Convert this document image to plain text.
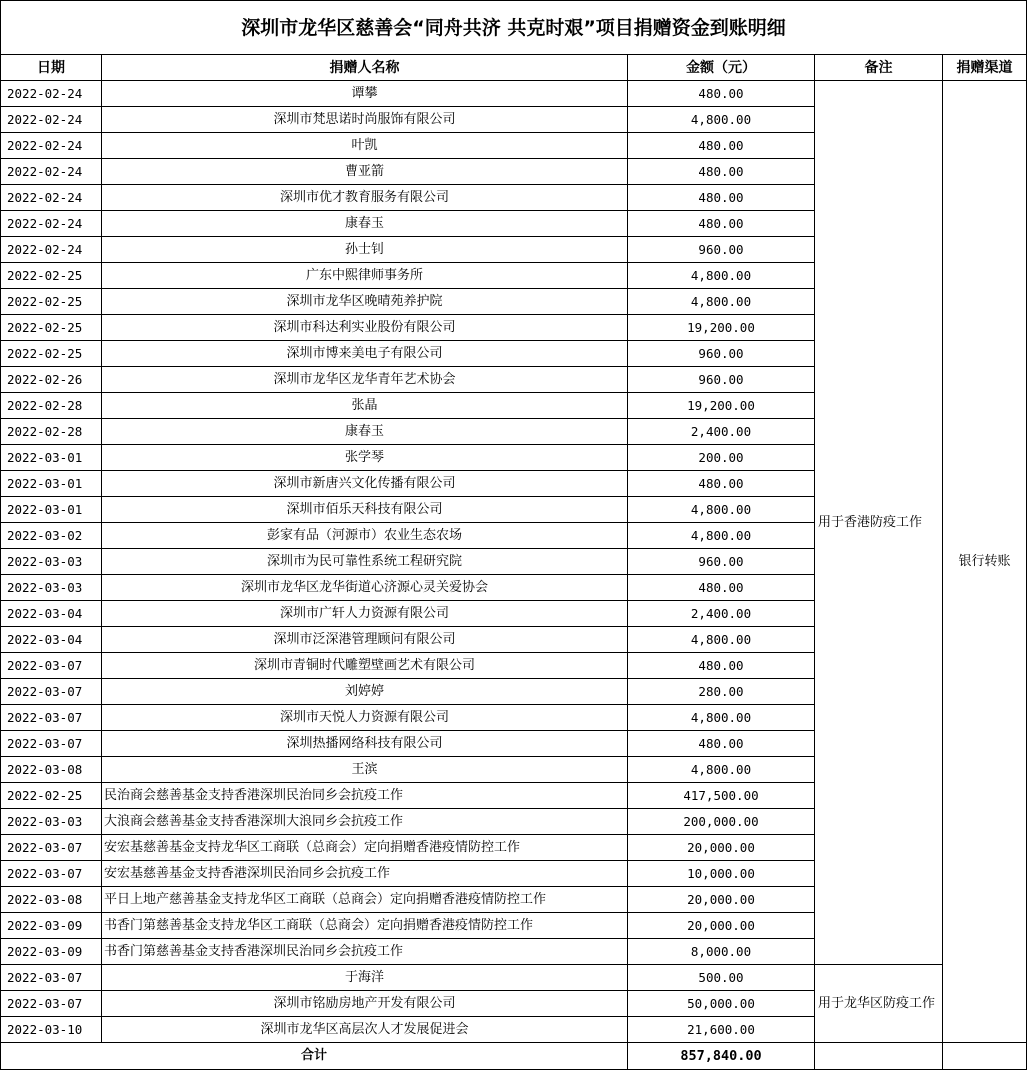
深圳市龙华区慈善会“同舟共济 共克时艰”项目捐赠资金到账明细				
日期	捐赠人名称	金额（元）	备注	捐赠渠道
2022-02-24	谭攀	480.00	用于香港防疫工作	银行转账
2022-02-24	深圳市梵思诺时尚服饰有限公司	4,800.00		
2022-02-24	叶凯	480.00		
2022-02-24	曹亚箭	480.00		
2022-02-24	深圳市优才教育服务有限公司	480.00		
2022-02-24	康春玉	480.00		
2022-02-24	孙士钊	960.00		
2022-02-25	广东中熙律师事务所	4,800.00		
2022-02-25	深圳市龙华区晚晴苑养护院	4,800.00		
2022-02-25	深圳市科达利实业股份有限公司	19,200.00		
2022-02-25	深圳市博来美电子有限公司	960.00		
2022-02-26	深圳市龙华区龙华青年艺术协会	960.00		
2022-02-28	张晶	19,200.00		
2022-02-28	康春玉	2,400.00		
2022-03-01	张学琴	200.00		
2022-03-01	深圳市新唐兴文化传播有限公司	480.00		
2022-03-01	深圳市佰乐天科技有限公司	4,800.00		
2022-03-02	彭家有品（河源市）农业生态农场	4,800.00		
2022-03-03	深圳市为民可靠性系统工程研究院	960.00		
2022-03-03	深圳市龙华区龙华街道心济源心灵关爱协会	480.00		
2022-03-04	深圳市广轩人力资源有限公司	2,400.00		
2022-03-04	深圳市泛深港管理顾问有限公司	4,800.00		
2022-03-07	深圳市青铜时代雕塑壁画艺术有限公司	480.00		
2022-03-07	刘婷婷	280.00		
2022-03-07	深圳市天悦人力资源有限公司	4,800.00		
2022-03-07	深圳热播网络科技有限公司	480.00		
2022-03-08	王滨	4,800.00		
2022-02-25	民治商会慈善基金支持香港深圳民治同乡会抗疫工作	417,500.00		
2022-03-03	大浪商会慈善基金支持香港深圳大浪同乡会抗疫工作	200,000.00		
2022-03-07	安宏基慈善基金支持龙华区工商联（总商会）定向捐赠香港疫情防控工作	20,000.00		
2022-03-07	安宏基慈善基金支持香港深圳民治同乡会抗疫工作	10,000.00		
2022-03-08	平日上地产慈善基金支持龙华区工商联（总商会）定向捐赠香港疫情防控工作	20,000.00		
2022-03-09	书香门第慈善基金支持龙华区工商联（总商会）定向捐赠香港疫情防控工作	20,000.00		
2022-03-09	书香门第慈善基金支持香港深圳民治同乡会抗疫工作	8,000.00		
2022-03-07	于海洋	500.00	用于龙华区防疫工作	
2022-03-07	深圳市铭励房地产开发有限公司	50,000.00		
2022-03-10	深圳市龙华区高层次人才发展促进会	21,600.00		
合计		857,840.00		
